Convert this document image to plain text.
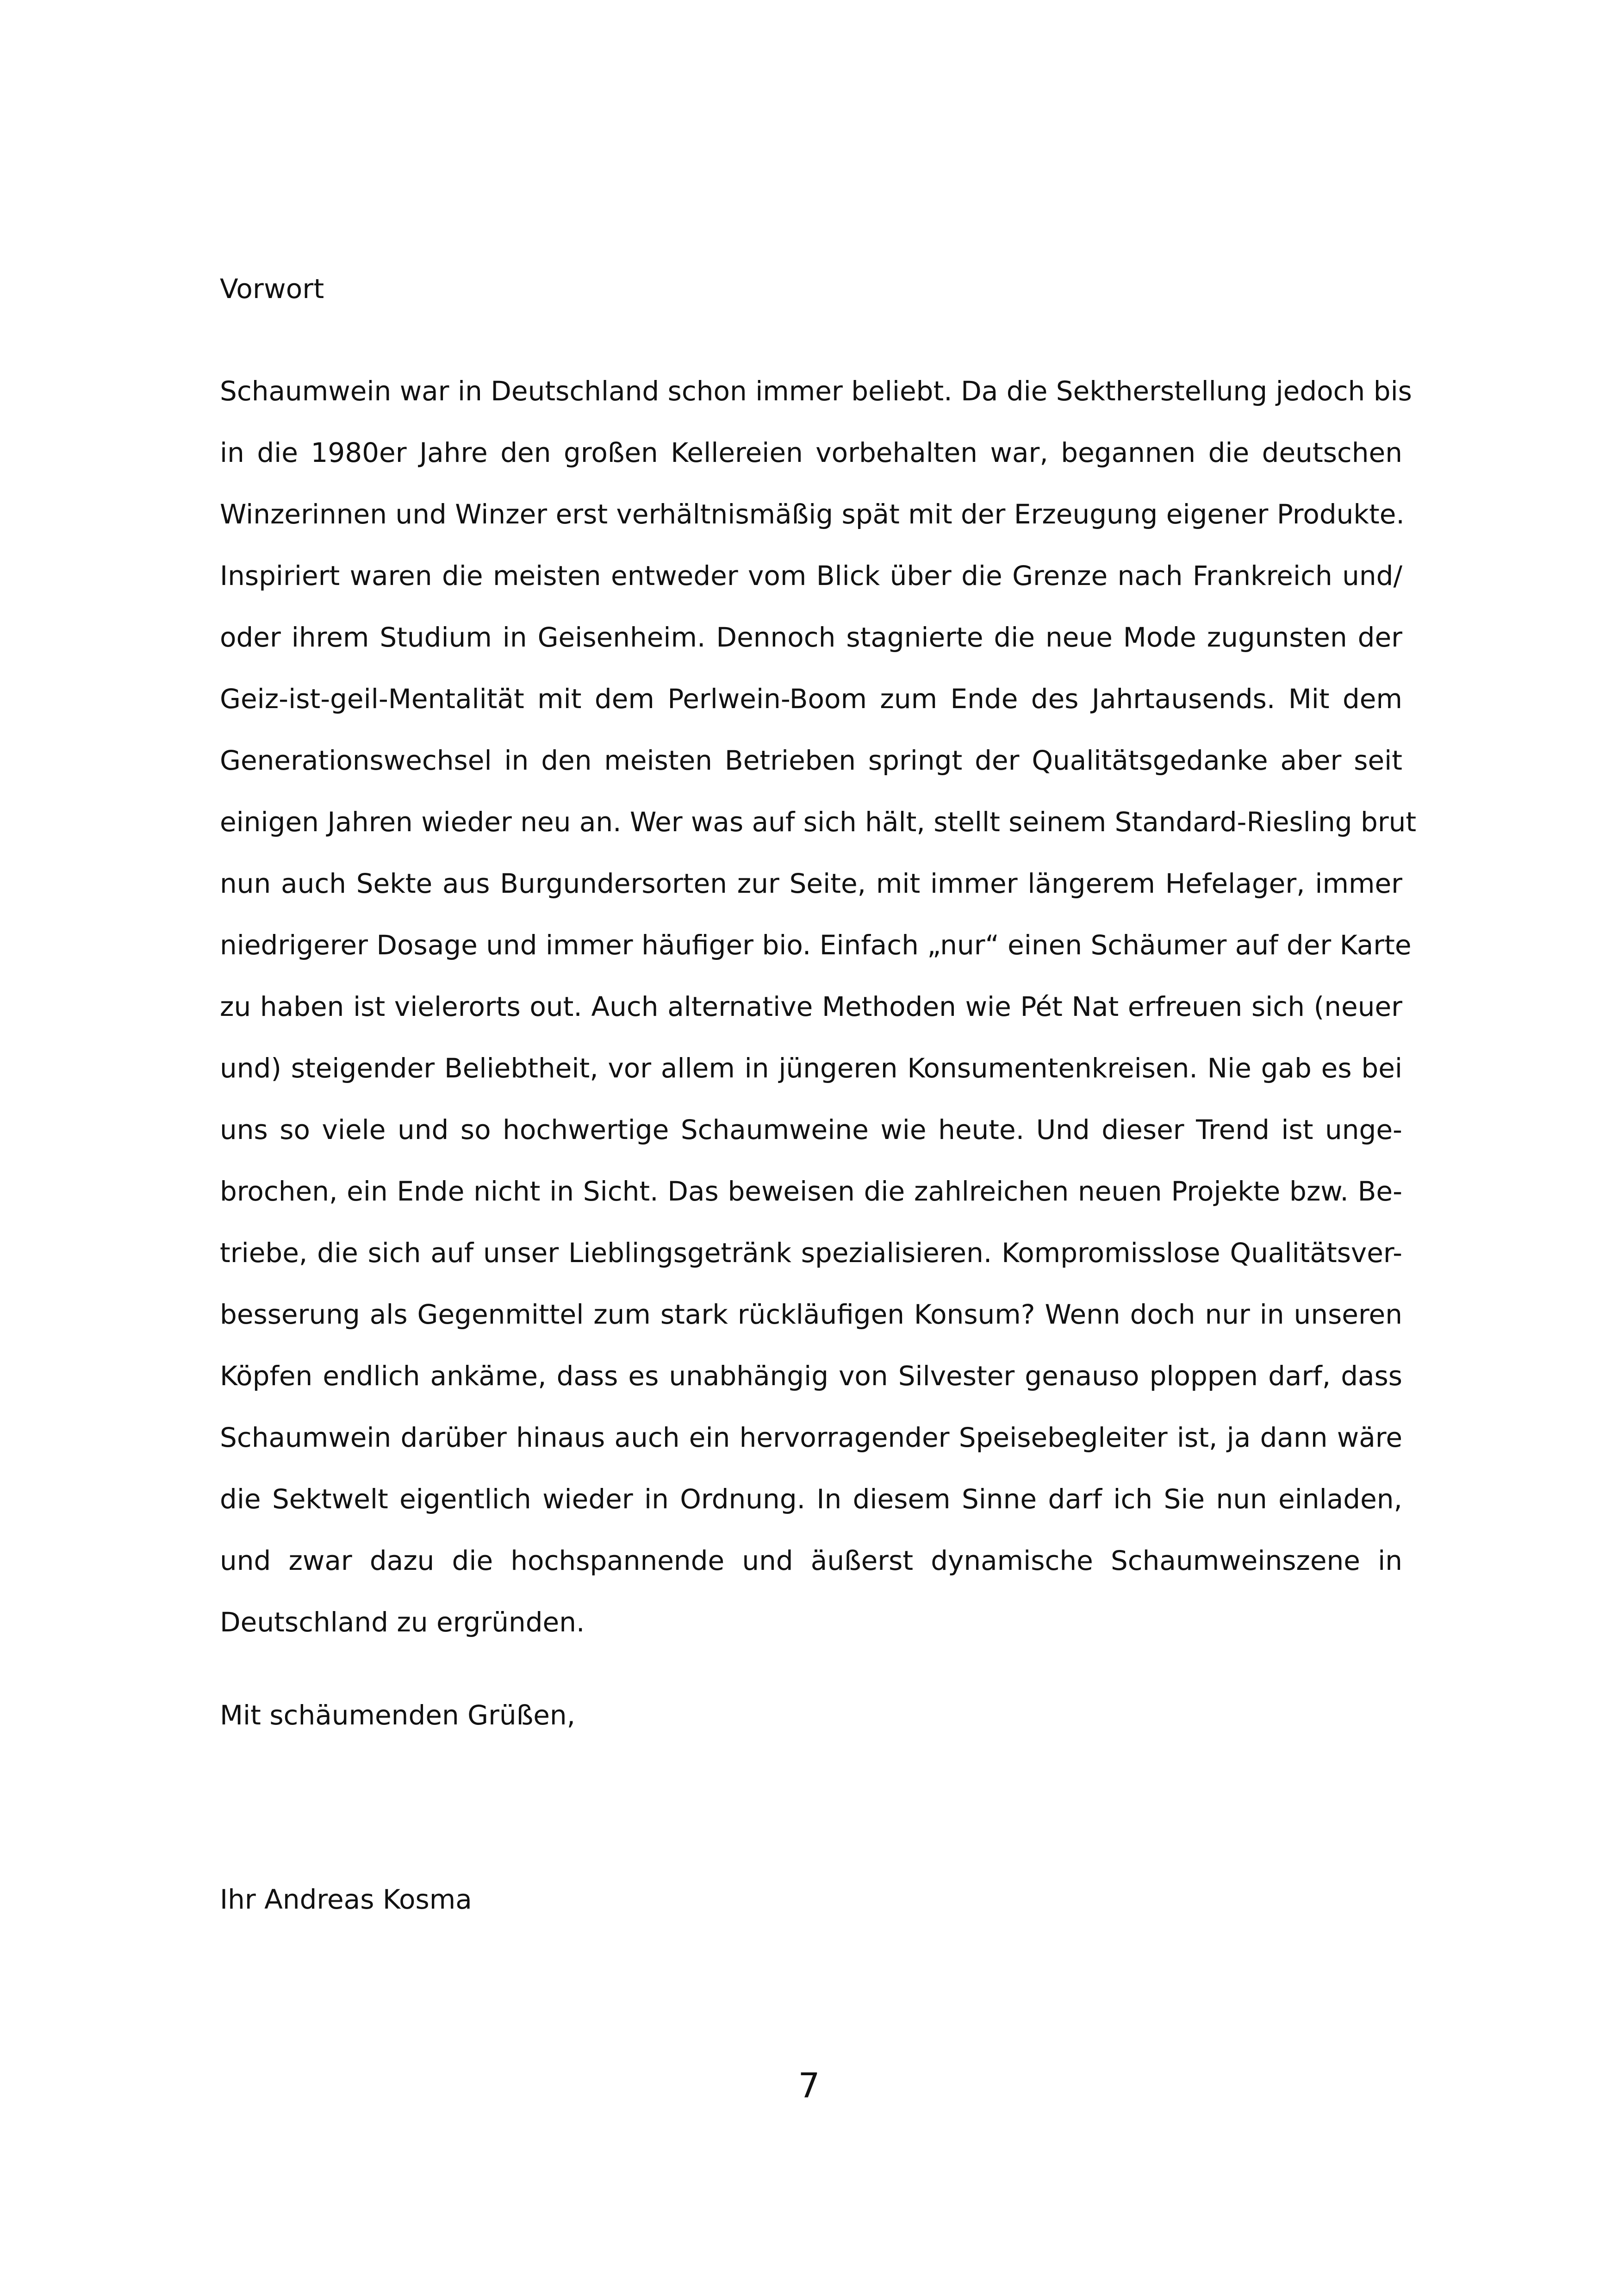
Vorwort
Schaumwein war in Deutschland schon immer beliebt. Da die Sektherstellung jedoch bis
in die 1980er Jahre den großen Kellereien vorbehalten war, begannen die deutschen
Winzerinnen und Winzer erst verhältnismäßig spät mit der Erzeugung eigener Produkte.
Inspiriert waren die meisten entweder vom Blick über die Grenze nach Frankreich und/
oder ihrem Studium in Geisenheim. Dennoch stagnierte die neue Mode zugunsten der
Geiz-ist-geil-Mentalität mit dem Perlwein-Boom zum Ende des Jahrtausends. Mit dem
Generationswechsel in den meisten Betrieben springt der Qualitätsgedanke aber seit
einigen Jahren wieder neu an. Wer was auf sich hält, stellt seinem Standard-Riesling brut
nun auch Sekte aus Burgundersorten zur Seite, mit immer längerem Hefelager, immer
niedrigerer Dosage und immer häufiger bio. Einfach „nur“ einen Schäumer auf der Karte
zu haben ist vielerorts out. Auch alternative Methoden wie Pét Nat erfreuen sich (neuer
und) steigender Beliebtheit, vor allem in jüngeren Konsumentenkreisen. Nie gab es bei
uns so viele und so hochwertige Schaumweine wie heute. Und dieser Trend ist unge-
brochen, ein Ende nicht in Sicht. Das beweisen die zahlreichen neuen Projekte bzw. Be-
triebe, die sich auf unser Lieblingsgetränk spezialisieren. Kompromisslose Qualitätsver-
besserung als Gegenmittel zum stark rückläufigen Konsum? Wenn doch nur in unseren
Köpfen endlich ankäme, dass es unabhängig von Silvester genauso ploppen darf, dass
Schaumwein darüber hinaus auch ein hervorragender Speisebegleiter ist, ja dann wäre
die Sektwelt eigentlich wieder in Ordnung. In diesem Sinne darf ich Sie nun einladen,
und zwar dazu die hochspannende und äußerst dynamische Schaumweinszene in
Deutschland zu ergründen.

Mit schäumenden Grüßen,

Ihr Andreas Kosma

7
